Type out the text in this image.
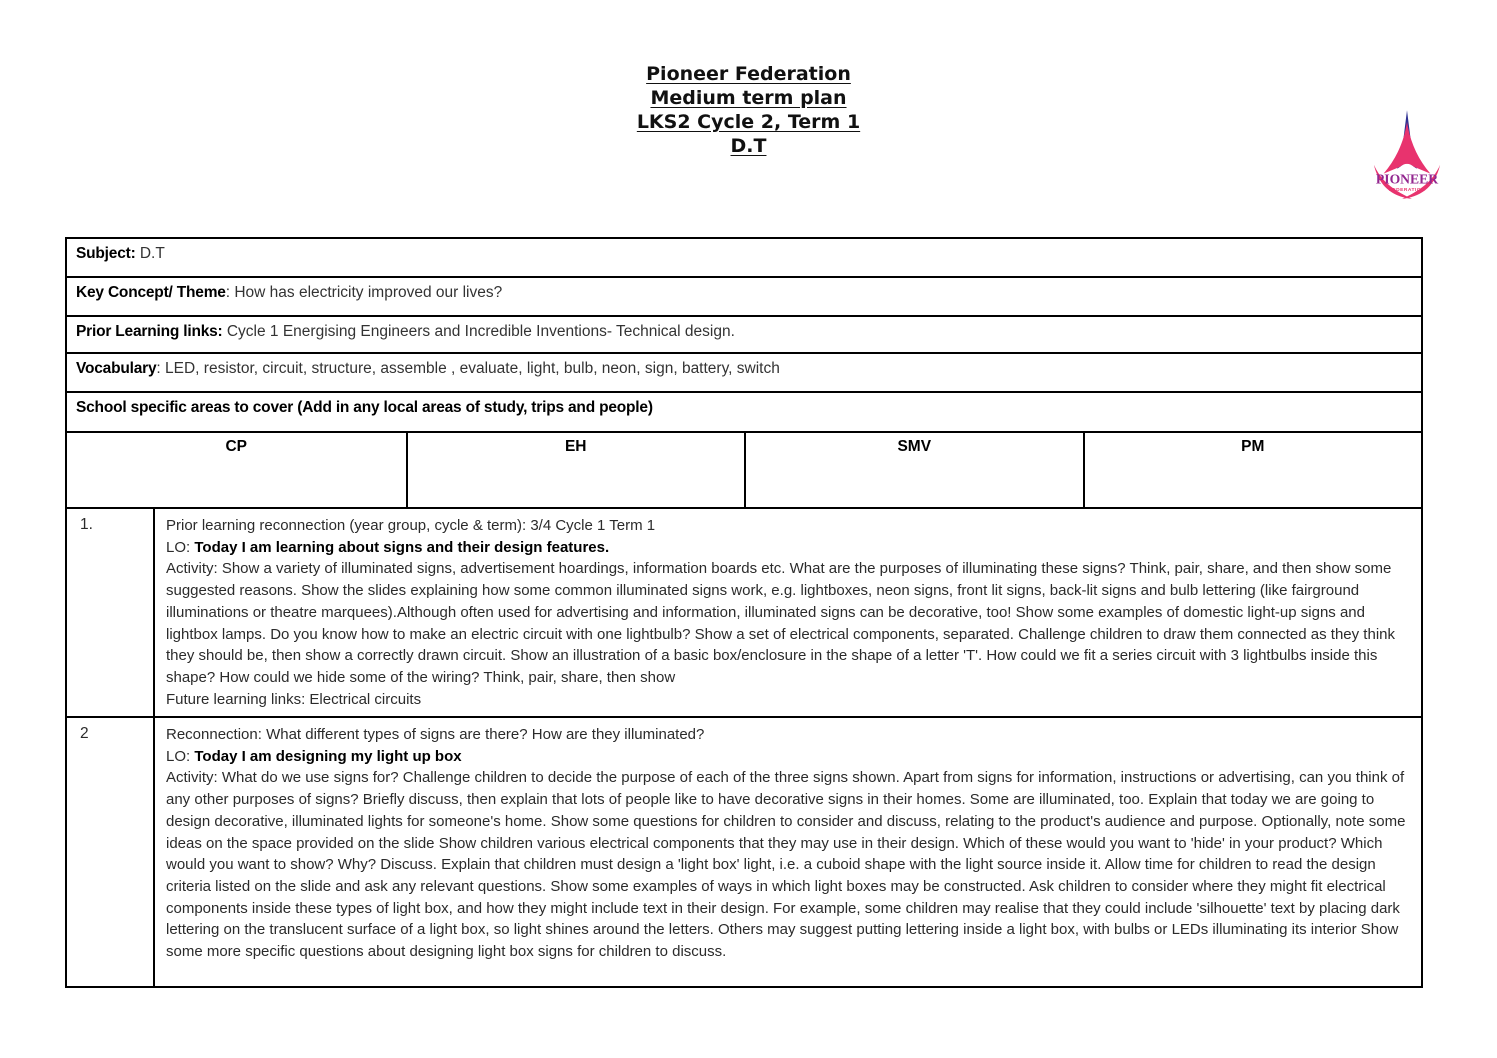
Pioneer Federation
Medium term plan
LKS2 Cycle 2, Term 1
D.T
PIONEER
FEDERATION
Subject: D.T
Key Concept/ Theme: How has electricity improved our lives?
Prior Learning links: Cycle 1 Energising Engineers and Incredible Inventions- Technical design.
Vocabulary: LED, resistor, circuit, structure, assemble , evaluate, light, bulb, neon, sign, battery, switch
School specific areas to cover (Add in any local areas of study, trips and people)
CP	EH	SMV	PM
1.	Prior learning reconnection (year group, cycle & term): 3/4 Cycle 1 Term 1
LO: Today I am learning about signs and their design features.
Activity: Show a variety of illuminated signs, advertisement hoardings, information boards etc. What are the purposes of illuminating these signs? Think, pair, share, and then show some suggested reasons. Show the slides explaining how some common illuminated signs work, e.g. lightboxes, neon signs, front lit signs, back-lit signs and bulb lettering (like fairground illuminations or theatre marquees).Although often used for advertising and information, illuminated signs can be decorative, too! Show some examples of domestic light-up signs and lightbox lamps. Do you know how to make an electric circuit with one lightbulb? Show a set of electrical components, separated. Challenge children to draw them connected as they think they should be, then show a correctly drawn circuit. Show an illustration of a basic box/enclosure in the shape of a letter 'T'. How could we fit a series circuit with 3 lightbulbs inside this shape? How could we hide some of the wiring? Think, pair, share, then show
Future learning links: Electrical circuits
2	Reconnection: What different types of signs are there? How are they illuminated?
LO: Today I am designing my light up box
Activity: What do we use signs for? Challenge children to decide the purpose of each of the three signs shown. Apart from signs for information, instructions or advertising, can you think of any other purposes of signs? Briefly discuss, then explain that lots of people like to have decorative signs in their homes. Some are illuminated, too. Explain that today we are going to design decorative, illuminated lights for someone's home. Show some questions for children to consider and discuss, relating to the product's audience and purpose. Optionally, note some ideas on the space provided on the slide Show children various electrical components that they may use in their design. Which of these would you want to 'hide' in your product? Which would you want to show? Why? Discuss. Explain that children must design a 'light box' light, i.e. a cuboid shape with the light source inside it. Allow time for children to read the design criteria listed on the slide and ask any relevant questions. Show some examples of ways in which light boxes may be constructed. Ask children to consider where they might fit electrical components inside these types of light box, and how they might include text in their design. For example, some children may realise that they could include 'silhouette' text by placing dark lettering on the translucent surface of a light box, so light shines around the letters. Others may suggest putting lettering inside a light box, with bulbs or LEDs illuminating its interior Show some more specific questions about designing light box signs for children to discuss.
